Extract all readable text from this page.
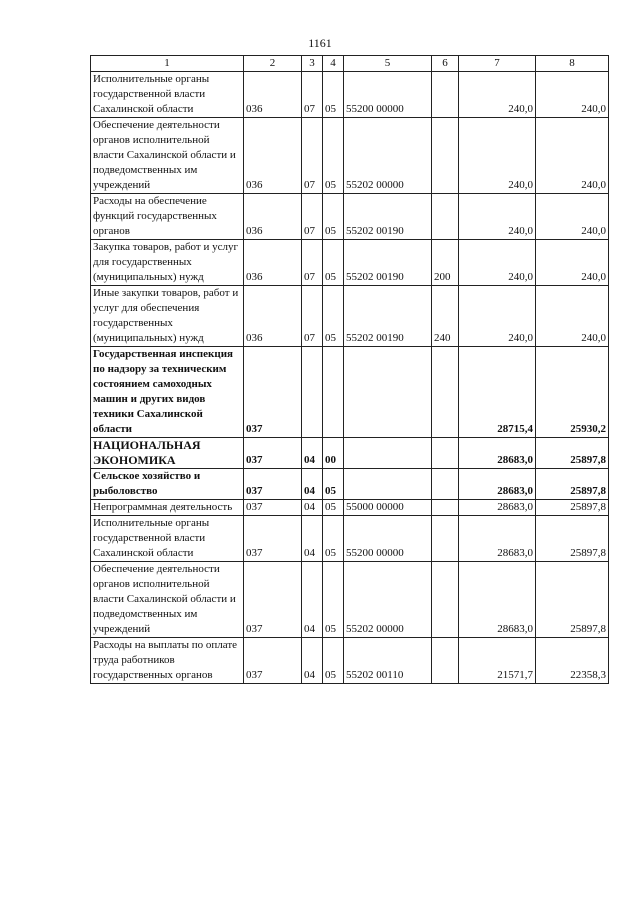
1161
1	2	3	4	5	6	7	8
Исполнительные органы государственной власти Сахалинской области	036	07	05	55200 00000		240,0	240,0
Обеспечение деятельности органов исполнительной власти Сахалинской области и подведомственных им учреждений	036	07	05	55202 00000		240,0	240,0
Расходы на обеспечение функций государственных органов	036	07	05	55202 00190		240,0	240,0
Закупка товаров, работ и услуг для государственных (муниципальных) нужд	036	07	05	55202 00190	200	240,0	240,0
Иные закупки товаров, работ и услуг для обеспечения государственных (муниципальных) нужд	036	07	05	55202 00190	240	240,0	240,0
Государственная инспекция по надзору за техническим состоянием самоходных машин и других видов техники Сахалинской области	037					28715,4	25930,2
НАЦИОНАЛЬНАЯ ЭКОНОМИКА	037	04	00			28683,0	25897,8
Сельское хозяйство и рыболовство	037	04	05			28683,0	25897,8
Непрограммная деятельность	037	04	05	55000 00000		28683,0	25897,8
Исполнительные органы государственной власти Сахалинской области	037	04	05	55200 00000		28683,0	25897,8
Обеспечение деятельности органов исполнительной власти Сахалинской области и подведомственных им учреждений	037	04	05	55202 00000		28683,0	25897,8
Расходы на выплаты по оплате труда работников государственных органов	037	04	05	55202 00110		21571,7	22358,3
